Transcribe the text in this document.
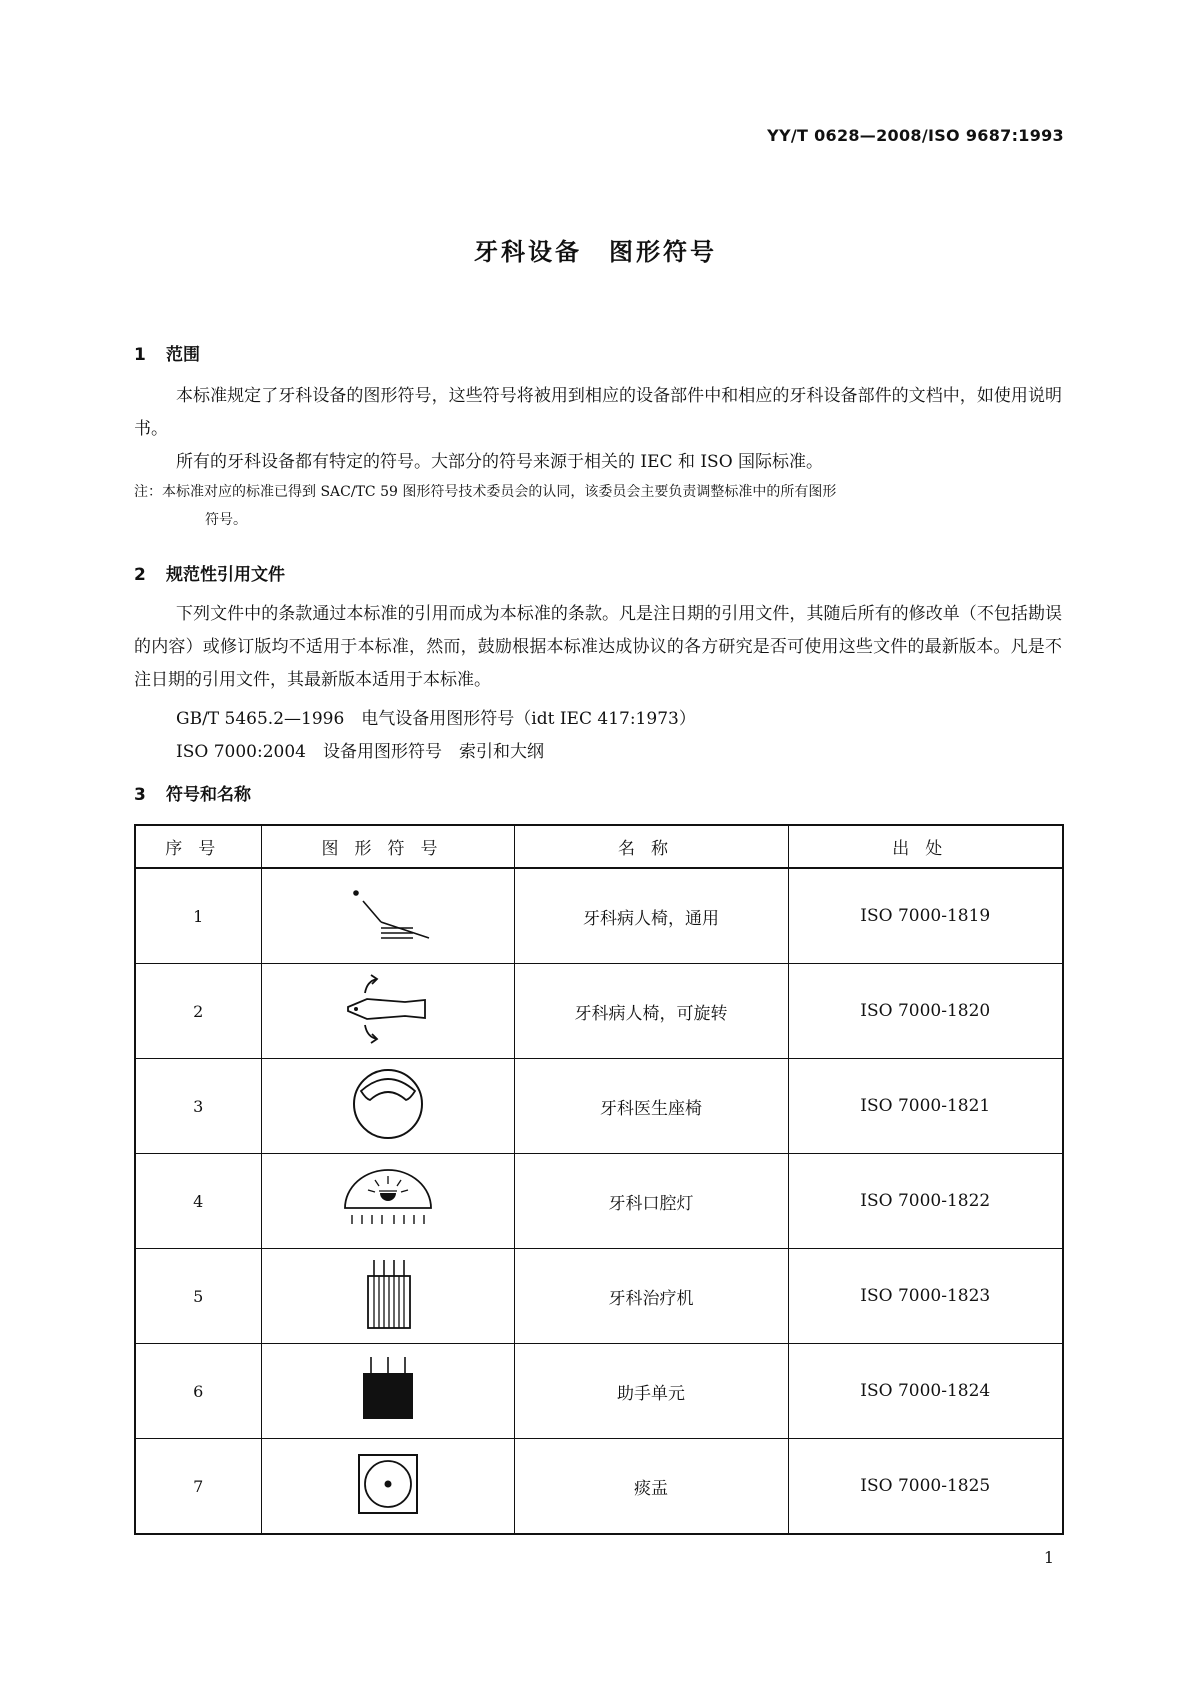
YY/T 0628—2008/ISO 9687:1993
牙科设备　图形符号
1 范围
本标准规定了牙科设备的图形符号，这些符号将被用到相应的设备部件中和相应的牙科设备部件的文档中，如使用说明书。
所有的牙科设备都有特定的符号。大部分的符号来源于相关的 IEC 和 ISO 国际标准。
注：本标准对应的标准已得到 SAC/TC 59 图形符号技术委员会的认同，该委员会主要负责调整标准中的所有图形
符号。
2 规范性引用文件
下列文件中的条款通过本标准的引用而成为本标准的条款。凡是注日期的引用文件，其随后所有的修改单（不包括勘误的内容）或修订版均不适用于本标准，然而，鼓励根据本标准达成协议的各方研究是否可使用这些文件的最新版本。凡是不注日期的引用文件，其最新版本适用于本标准。
GB/T 5465.2—1996　电气设备用图形符号（idt IEC 417:1973）
ISO 7000:2004　设备用图形符号　索引和大纲
3 符号和名称
序号	图形符号	名称	出处
1		牙科病人椅，通用	ISO 7000-1819
2		牙科病人椅，可旋转	ISO 7000-1820
3		牙科医生座椅	ISO 7000-1821
4		牙科口腔灯	ISO 7000-1822
5		牙科治疗机	ISO 7000-1823
6		助手单元	ISO 7000-1824
7		痰盂	ISO 7000-1825
1
